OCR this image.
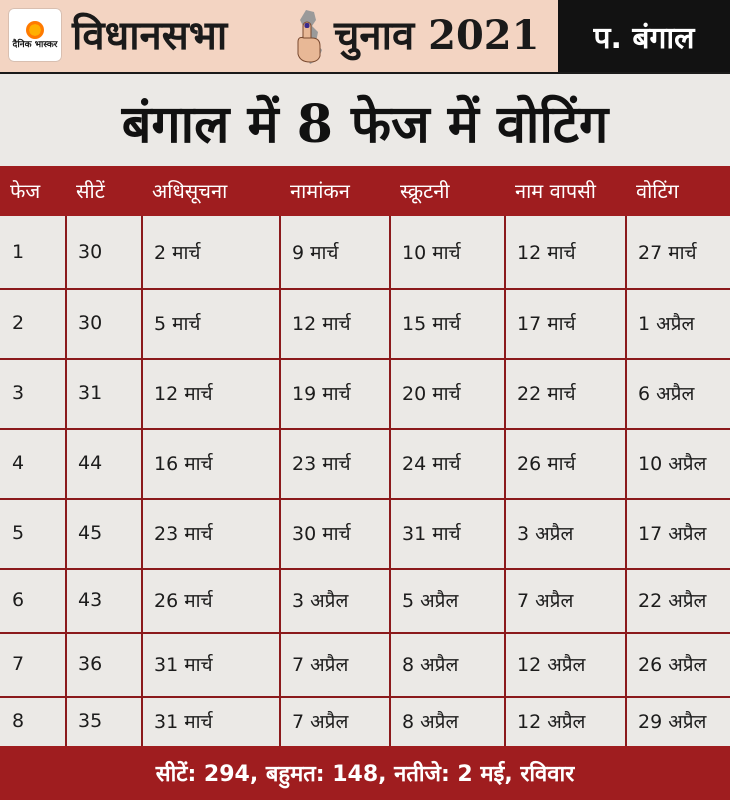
दैनिक भास्कर विधानसभा	चुनाव 2021	प. बंगाल
बंगाल में 8 फेज में वोटिंग
फेज	सीटें	अधिसूचना	नामांकन	स्क्रूटनी	नाम वापसी	वोटिंग
1	30	2 मार्च	9 मार्च	10 मार्च	12 मार्च	27 मार्च
2	30	5 मार्च	12 मार्च	15 मार्च	17 मार्च	1 अप्रैल
3	31	12 मार्च	19 मार्च	20 मार्च	22 मार्च	6 अप्रैल
4	44	16 मार्च	23 मार्च	24 मार्च	26 मार्च	10 अप्रैल
5	45	23 मार्च	30 मार्च	31 मार्च	3 अप्रैल	17 अप्रैल
6	43	26 मार्च	3 अप्रैल	5 अप्रैल	7 अप्रैल	22 अप्रैल
7	36	31 मार्च	7 अप्रैल	8 अप्रैल	12 अप्रैल	26 अप्रैल
8	35	31 मार्च	7 अप्रैल	8 अप्रैल	12 अप्रैल	29 अप्रैल
सीटें: 294, बहुमत: 148, नतीजे: 2 मई, रविवार
